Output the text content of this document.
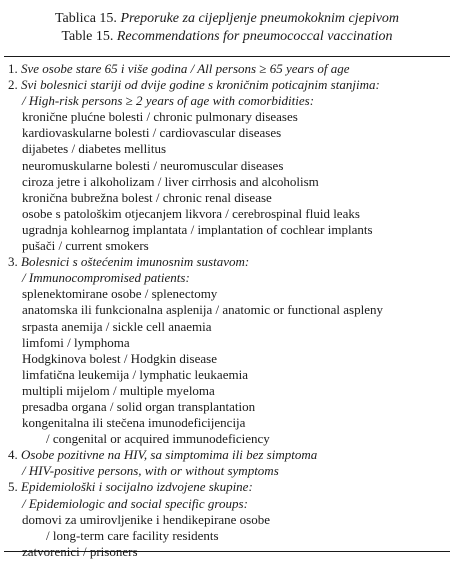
Tablica 15. Preporuke za cijepljenje pneumokoknim cjepivom
Table 15. Recommendations for pneumococcal vaccination
1. Sve osobe stare 65 i više godina / All persons ≥ 65 years of age
2. Svi bolesnici stariji od dvije godine s kroničnim poticajnim stanjima:
/ High-risk persons ≥ 2 years of age with comorbidities:
kronične plućne bolesti / chronic pulmonary diseases
kardiovaskularne bolesti / cardiovascular diseases
dijabetes / diabetes mellitus
neuromuskularne bolesti / neuromuscular diseases
ciroza jetre i alkoholizam / liver cirrhosis and alcoholism
kronična bubrežna bolest / chronic renal disease
osobe s patološkim otjecanjem likvora / cerebrospinal fluid leaks
ugradnja kohlearnog implantata / implantation of cochlear implants
pušači / current smokers
3. Bolesnici s oštećenim imunosnim sustavom:
/ Immunocompromised patients:
splenektomirane osobe / splenectomy
anatomska ili funkcionalna asplenija / anatomic or functional aspleny
srpasta anemija / sickle cell anaemia
limfomi / lymphoma
Hodgkinova bolest / Hodgkin disease
limfatična leukemija / lymphatic leukaemia
multipli mijelom / multiple myeloma
presadba organa / solid organ transplantation
kongenitalna ili stečena imunodeficijencija
/ congenital or acquired immunodeficiency
4. Osobe pozitivne na HIV, sa simptomima ili bez simptoma
/ HIV-positive persons, with or without symptoms
5. Epidemiološki i socijalno izdvojene skupine:
/ Epidemiologic and social specific groups:
domovi za umirovljenike i hendikepirane osobe
/ long-term care facility residents
zatvorenici / prisoners
